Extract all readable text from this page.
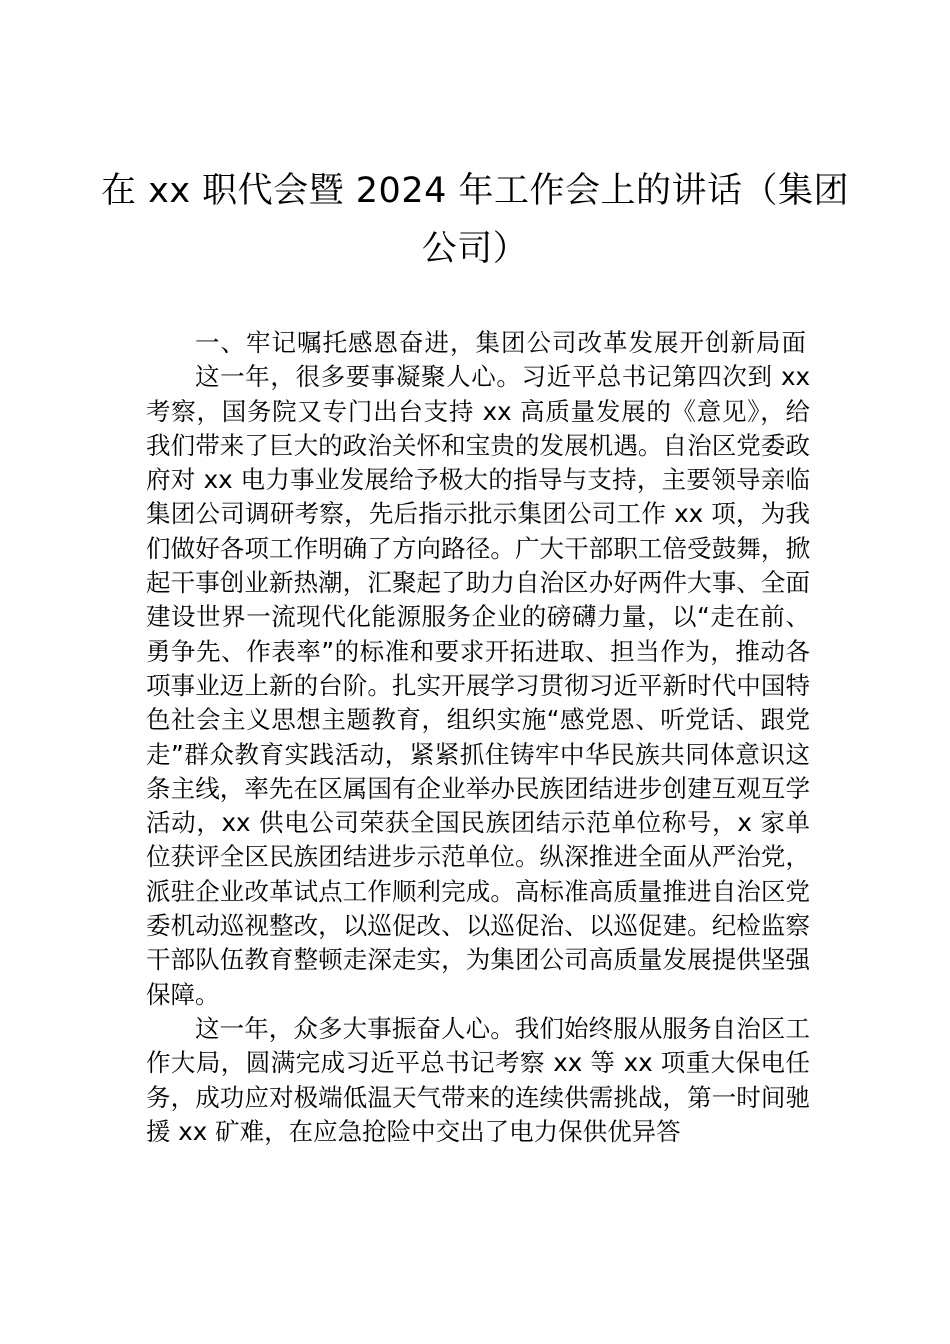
在 xx 职代会暨 2024 年工作会上的讲话（集团公司）

一、牢记嘱托感恩奋进，集团公司改革发展开创新局面

这一年，很多要事凝聚人心。习近平总书记第四次到 xx 考察，国务院又专门出台支持 xx 高质量发展的《意见》，给我们带来了巨大的政治关怀和宝贵的发展机遇。自治区党委政府对 xx 电力事业发展给予极大的指导与支持，主要领导亲临集团公司调研考察，先后指示批示集团公司工作 xx 项，为我们做好各项工作明确了方向路径。广大干部职工倍受鼓舞，掀起干事创业新热潮，汇聚起了助力自治区办好两件大事、全面建设世界一流现代化能源服务企业的磅礴力量，以“走在前、勇争先、作表率”的标准和要求开拓进取、担当作为，推动各项事业迈上新的台阶。扎实开展学习贯彻习近平新时代中国特色社会主义思想主题教育，组织实施“感党恩、听党话、跟党走”群众教育实践活动，紧紧抓住铸牢中华民族共同体意识这条主线，率先在区属国有企业举办民族团结进步创建互观互学活动，xx 供电公司荣获全国民族团结示范单位称号，x 家单位获评全区民族团结进步示范单位。纵深推进全面从严治党，派驻企业改革试点工作顺利完成。高标准高质量推进自治区党委机动巡视整改，以巡促改、以巡促治、以巡促建。纪检监察干部队伍教育整顿走深走实，为集团公司高质量发展提供坚强保障。

这一年，众多大事振奋人心。我们始终服从服务自治区工作大局，圆满完成习近平总书记考察 xx 等 xx 项重大保电任务，成功应对极端低温天气带来的连续供需挑战，第一时间驰援 xx 矿难，在应急抢险中交出了电力保供优异答
